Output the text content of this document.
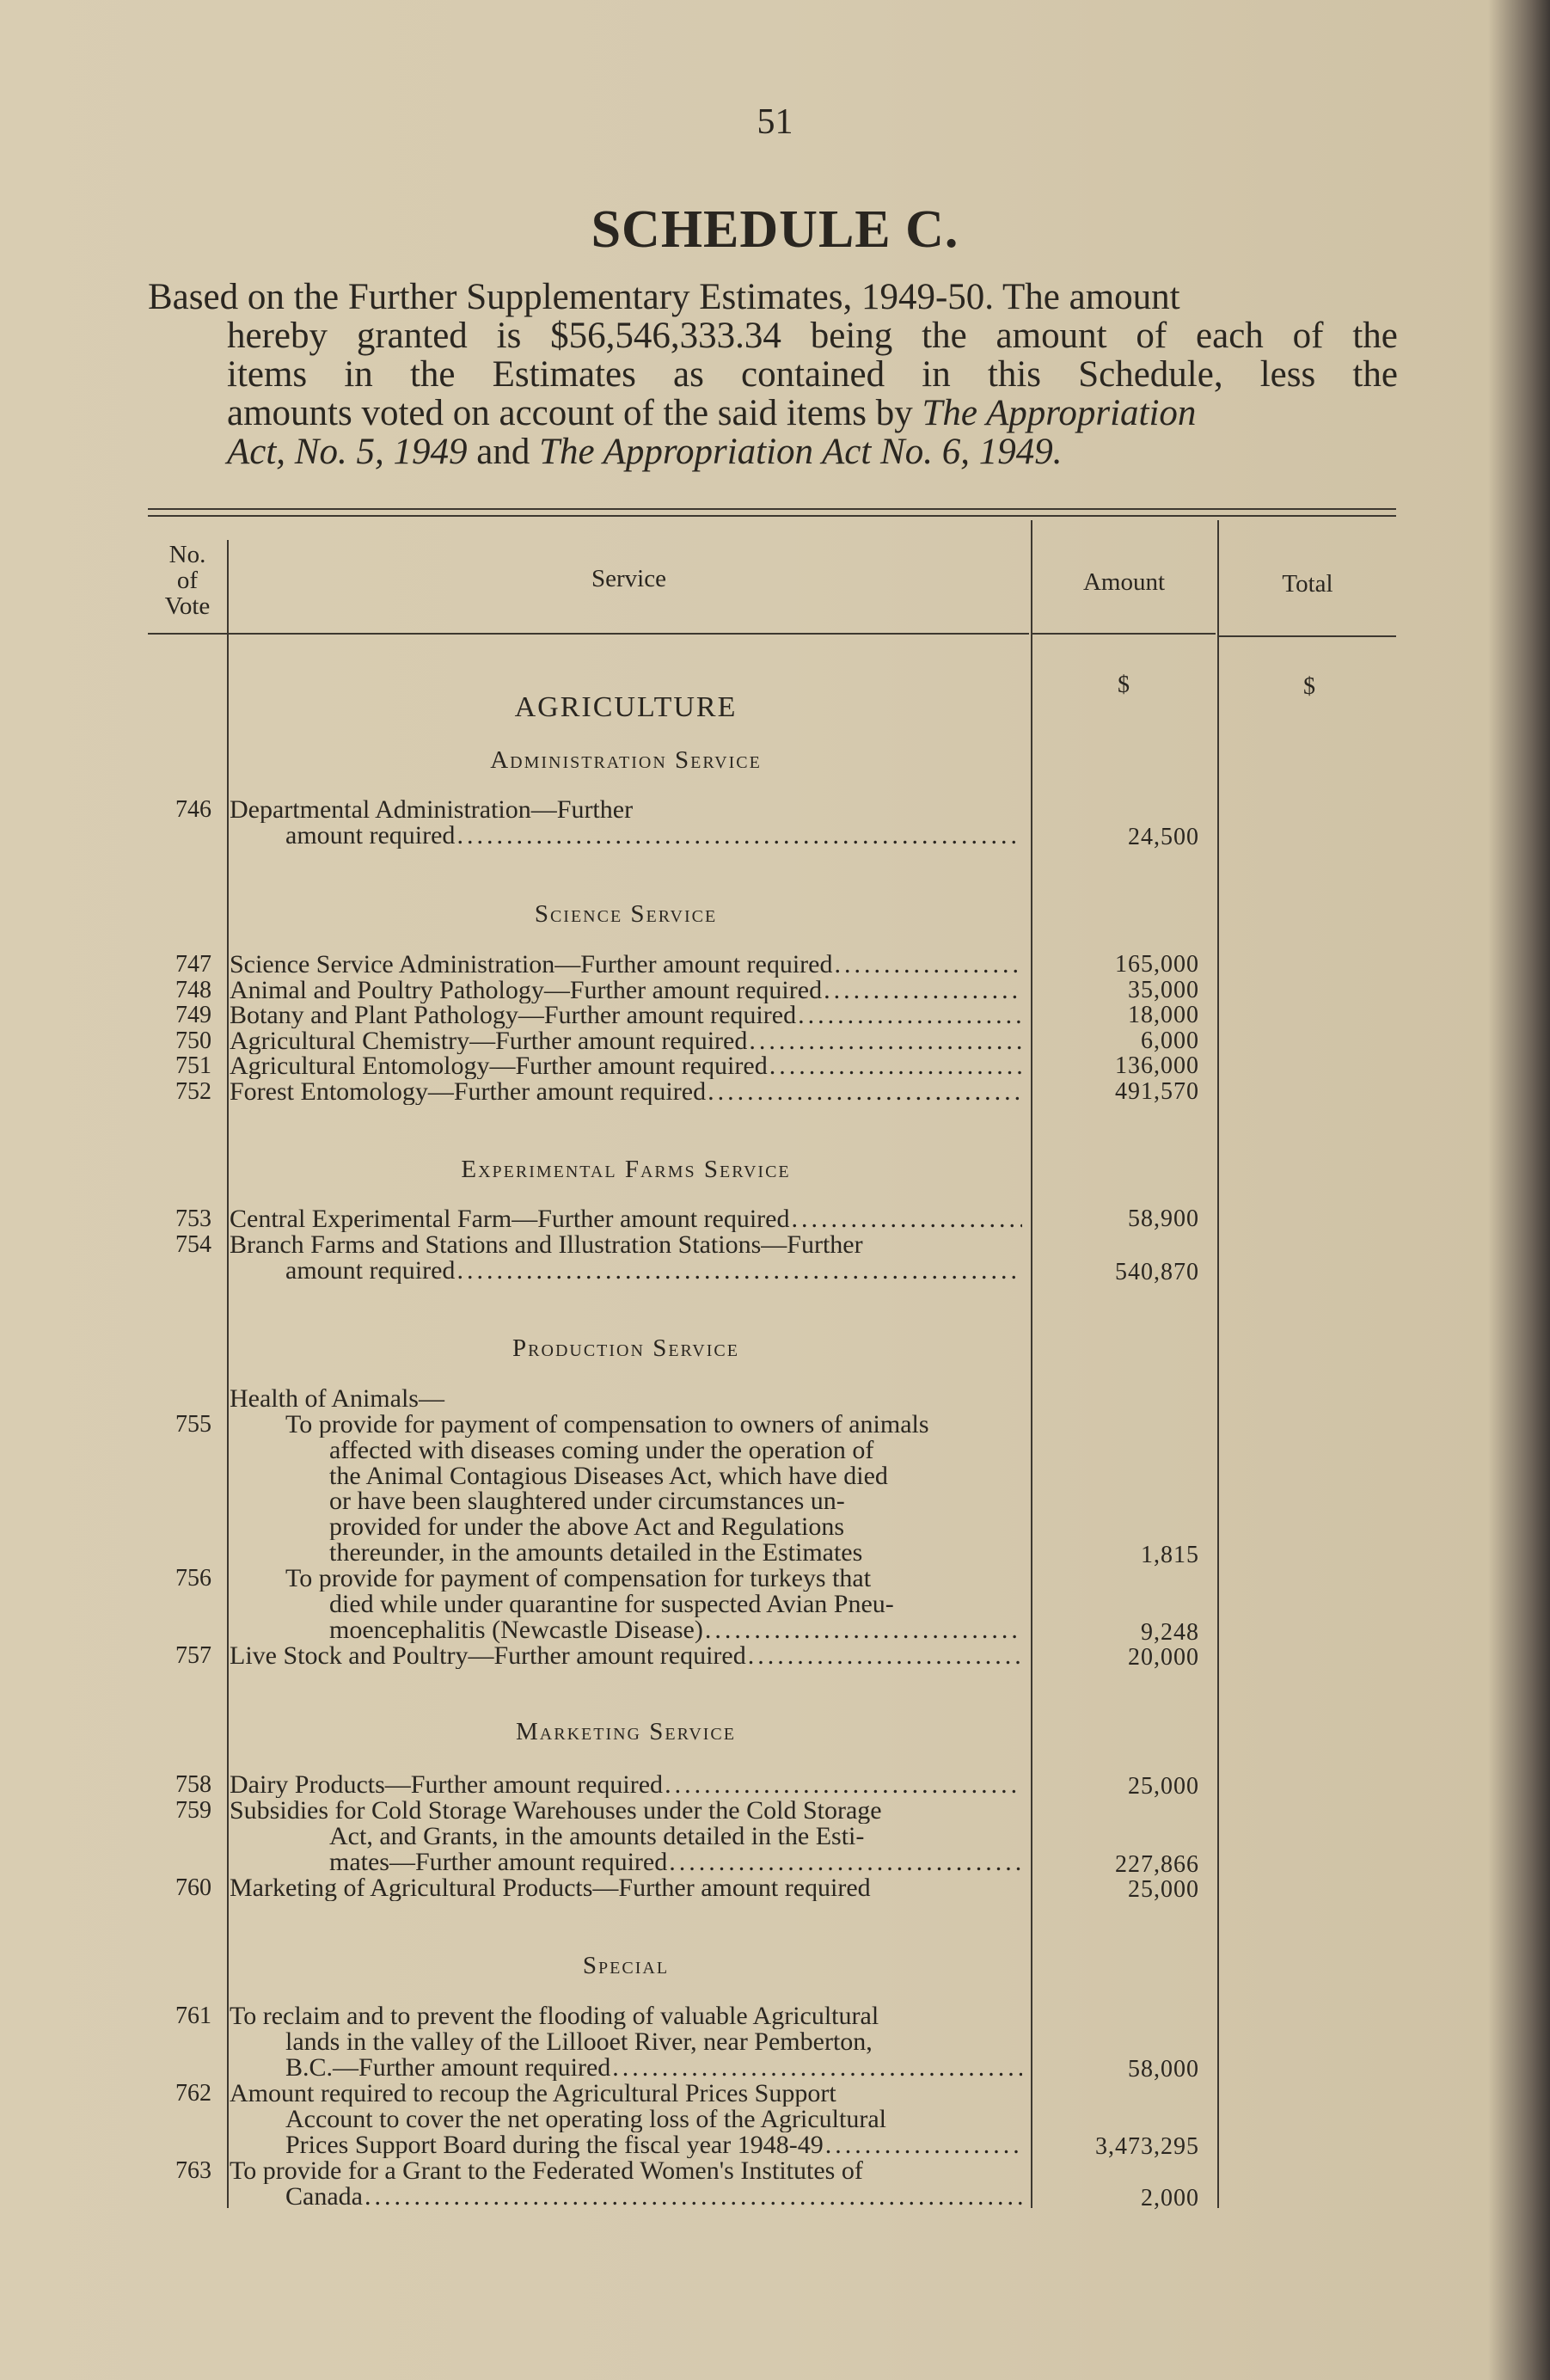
51
SCHEDULE C.
Based on the Further Supplementary Estimates, 1949-50. The amount
hereby granted is $56,546,333.34 being the amount of each of the
items in the Estimates as contained in this Schedule, less the
amounts voted on account of the said items by The Appropriation
Act, No. 5, 1949 and The Appropriation Act No. 6, 1949.
No.
of
Vote
Service	Amount	Total
$	$
AGRICULTURE
Administration Service
746 Departmental Administration—Further
amount required .....	24,500
Science Service
747 Science Service Administration—Further amount required .....	165,000
748 Animal and Poultry Pathology—Further amount required .....	35,000
749 Botany and Plant Pathology—Further amount required .....	18,000
750 Agricultural Chemistry—Further amount required .....	6,000
751 Agricultural Entomology—Further amount required .....	136,000
752 Forest Entomology—Further amount required .....	491,570
Experimental Farms Service
753 Central Experimental Farm—Further amount required .....	58,900
754 Branch Farms and Stations and Illustration Stations—Further
amount required .....	540,870
Production Service
Health of Animals—
755	To provide for payment of compensation to owners of animals
affected with diseases coming under the operation of
the Animal Contagious Diseases Act, which have died
or have been slaughtered under circumstances un-
provided for under the above Act and Regulations
thereunder, in the amounts detailed in the Estimates	1,815
756	To provide for payment of compensation for turkeys that
died while under quarantine for suspected Avian Pneu-
moencephalitis (Newcastle Disease) .....	9,248
757 Live Stock and Poultry—Further amount required .....	20,000
Marketing Service
758 Dairy Products—Further amount required .....	25,000
759 Subsidies for Cold Storage Warehouses under the Cold Storage
Act, and Grants, in the amounts detailed in the Esti-
mates—Further amount required .....	227,866
760 Marketing of Agricultural Products—Further amount required	25,000
Special
761 To reclaim and to prevent the flooding of valuable Agricultural
lands in the valley of the Lillooet River, near Pemberton,
B.C.—Further amount required .....	58,000
762 Amount required to recoup the Agricultural Prices Support
Account to cover the net operating loss of the Agricultural
Prices Support Board during the fiscal year 1948-49 .....	3,473,295
763 To provide for a Grant to the Federated Women's Institutes of
Canada .....	2,000
